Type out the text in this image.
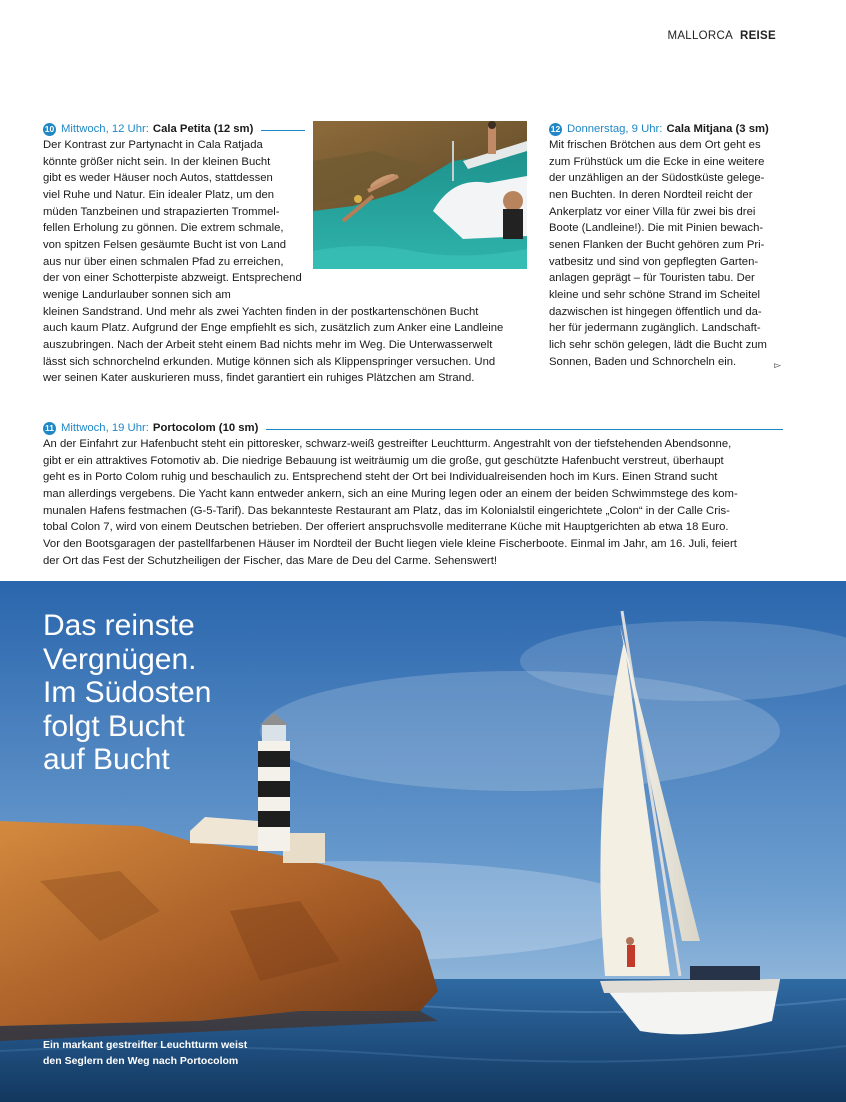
MALLORCA REISE
10 Mittwoch, 12 Uhr: Cala Petita (12 sm)

Der Kontrast zur Partynacht in Cala Ratjada

könnte größer nicht sein. In der kleinen Bucht

gibt es weder Häuser noch Autos, stattdessen

viel Ruhe und Natur. Ein idealer Platz, um den

müden Tanzbeinen und strapazierten Trommel-

fellen Erholung zu gönnen. Die extrem schmale,

von spitzen Felsen gesäumte Bucht ist von Land

aus nur über einen schmalen Pfad zu erreichen,

der von einer Schotterpiste abzweigt. Entsprechend wenige Landurlauber sonnen sich am

kleinen Sandstrand. Und mehr als zwei Yachten finden in der postkartenschönen Bucht

auch kaum Platz. Aufgrund der Enge empfiehlt es sich, zusätzlich zum Anker eine Landleine

auszubringen. Nach der Arbeit steht einem Bad nichts mehr im Weg. Die Unterwasserwelt

lässt sich schnorchelnd erkunden. Mutige können sich als Klippenspringer versuchen. Und

wer seinen Kater auskurieren muss, findet garantiert ein ruhiges Plätzchen am Strand.

12 Donnerstag, 9 Uhr: Cala Mitjana (3 sm)

Mit frischen Brötchen aus dem Ort geht es

zum Frühstück um die Ecke in eine weitere

der unzähligen an der Südostküste gelege-

nen Buchten. In deren Nordteil reicht der

Ankerplatz vor einer Villa für zwei bis drei

Boote (Landleine!). Die mit Pinien bewach-

senen Flanken der Bucht gehören zum Pri-

vatbesitz und sind von gepflegten Garten-

anlagen geprägt – für Touristen tabu. Der

kleine und sehr schöne Strand im Scheitel

dazwischen ist hingegen öffentlich und da-

her für jedermann zugänglich. Landschaft-

lich sehr schön gelegen, lädt die Bucht zum

Sonnen, Baden und Schnorcheln ein.	▻

11 Mittwoch, 19 Uhr: Portocolom (10 sm)

An der Einfahrt zur Hafenbucht steht ein pittoresker, schwarz-weiß gestreifter Leuchtturm. Angestrahlt von der tiefstehenden Abendsonne,

gibt er ein attraktives Fotomotiv ab. Die niedrige Bebauung ist weiträumig um die große, gut geschützte Hafenbucht verstreut, überhaupt

geht es in Porto Colom ruhig und beschaulich zu. Entsprechend steht der Ort bei Individualreisenden hoch im Kurs. Einen Strand sucht

man allerdings vergebens. Die Yacht kann entweder ankern, sich an eine Muring legen oder an einem der beiden Schwimmstege des kom-

munalen Hafens festmachen (G-5-Tarif). Das bekannteste Restaurant am Platz, das im Kolonialstil eingerichtete „Colon“ in der Calle Cris-

tobal Colon 7, wird von einem Deutschen betrieben. Der offeriert anspruchsvolle mediterrane Küche mit Hauptgerichten ab etwa 18 Euro.

Vor den Bootsgaragen der pastellfarbenen Häuser im Nordteil der Bucht liegen viele kleine Fischerboote. Einmal im Jahr, am 16. Juli, feiert

der Ort das Fest der Schutzheiligen der Fischer, das Mare de Deu del Carme. Sehenswert!

Das reinste
Vergnügen.
Im Südosten
folgt Bucht
auf Bucht
Ein markant gestreifter Leuchtturm weist
den Seglern den Weg nach Portocolom
